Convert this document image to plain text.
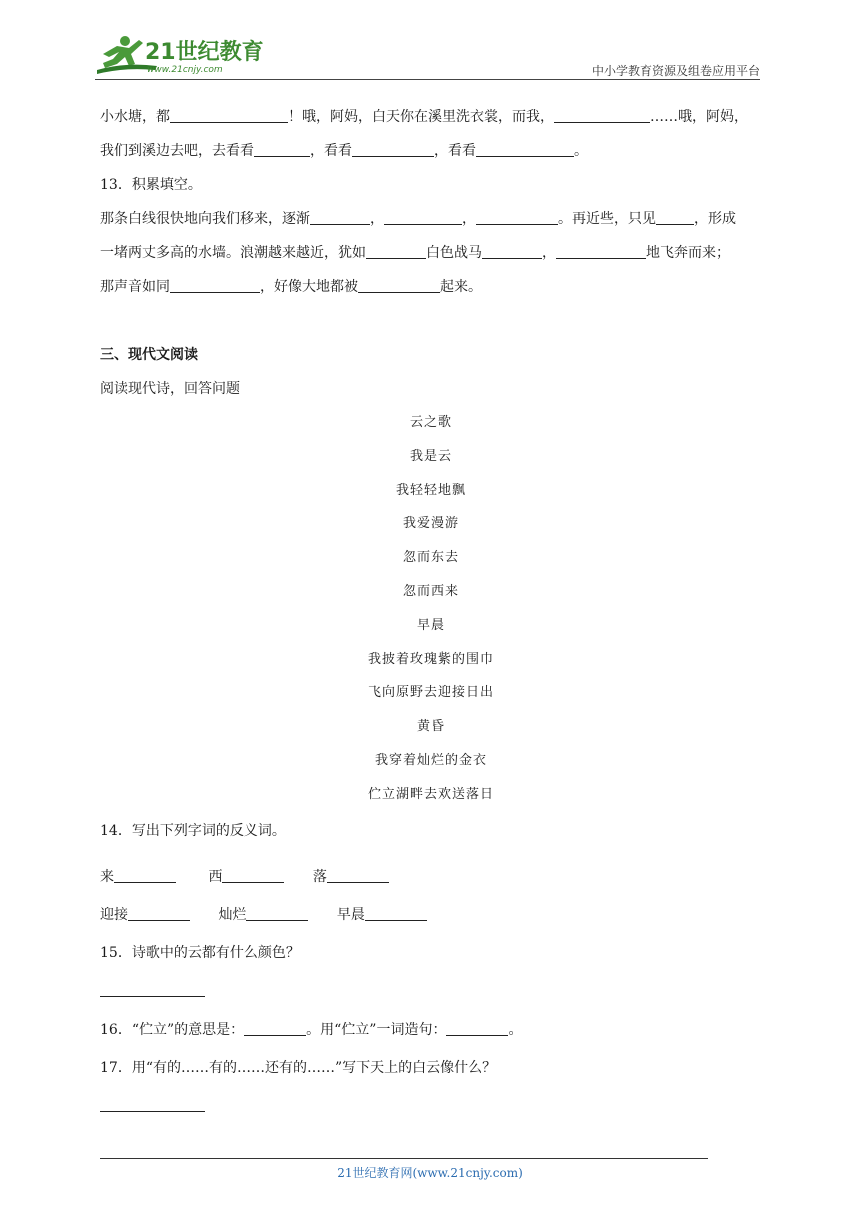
21世纪教育
www.21cnjy.com	中小学教育资源及组卷应用平台

小水塘，都	！哦，阿妈，白天你在溪里洗衣裳，而我，	……哦，阿妈，

我们到溪边去吧，去看看	，看看	，看看	。

13．积累填空。

那条白线很快地向我们移来，逐渐	，	，	。再近些，只见	，形成

一堵两丈多高的水墙。浪潮越来越近，犹如	白色战马	，	地飞奔而来；

那声音如同	，好像大地都被	起来。

三、现代文阅读

阅读现代诗，回答问题

云之歌
我是云
我轻轻地飘
我爱漫游
忽而东去
忽而西来
早晨
我披着玫瑰紫的围巾
飞向原野去迎接日出
黄昏
我穿着灿烂的金衣
伫立湖畔去欢送落日

14．写出下列字词的反义词。

来	西	落
迎接	灿烂	早晨

15．诗歌中的云都有什么颜色？

16．“伫立”的意思是：	。用“伫立”一词造句：	。

17．用“有的……有的……还有的……”写下天上的白云像什么？

21世纪教育网(www.21cnjy.com)
